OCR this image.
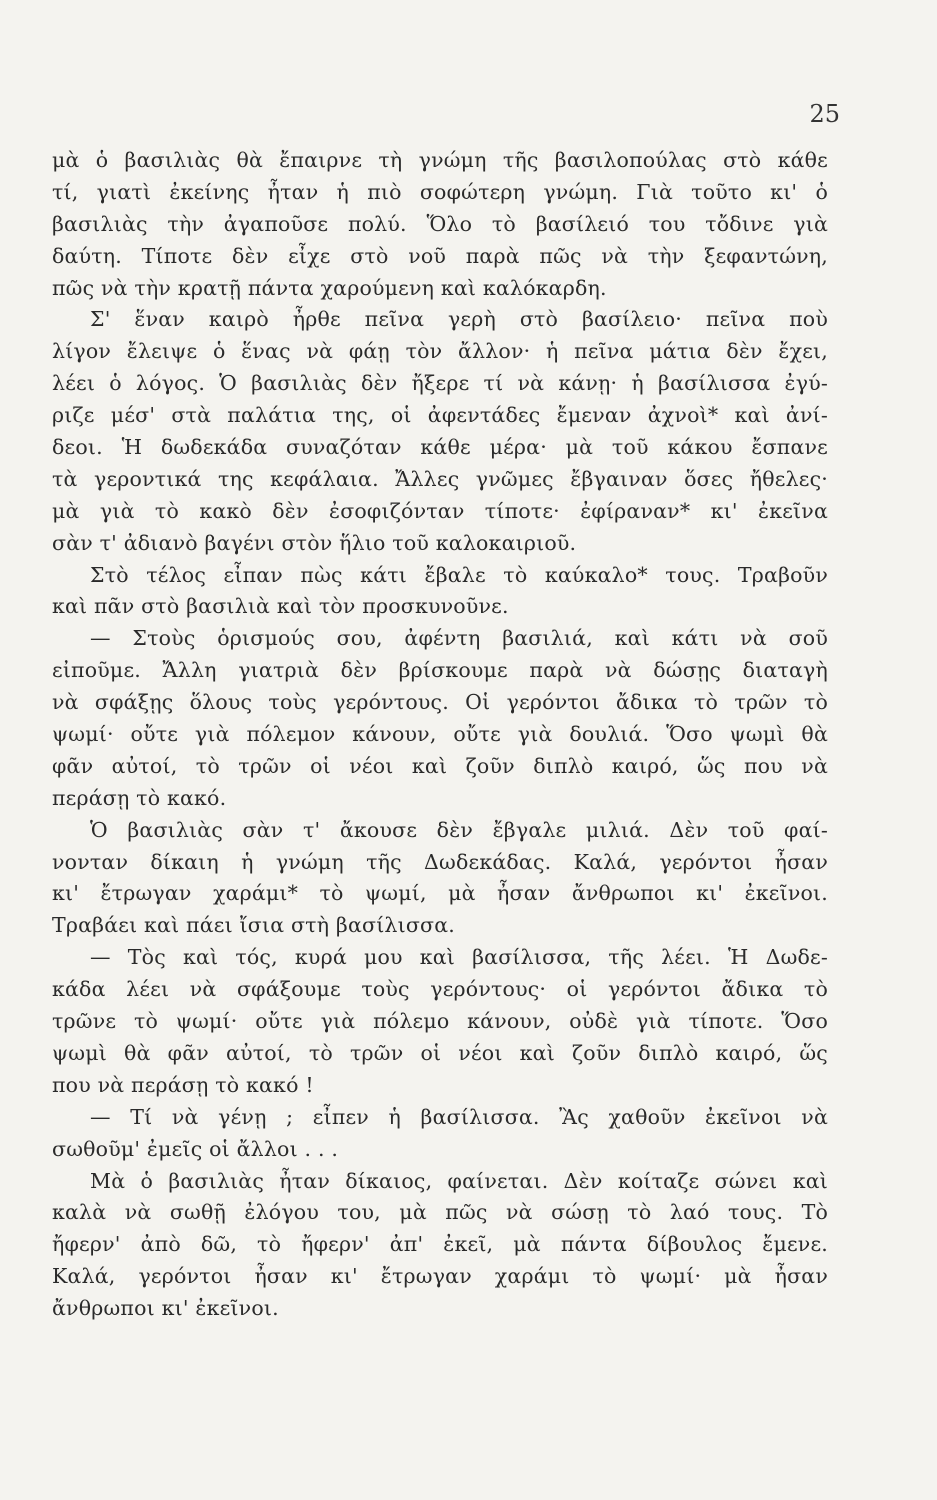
25
μὰ ὁ βασιλιὰς θὰ ἔπαιρνε τὴ γνώμη τῆς βασιλοπούλας στὸ κάθε
τί, γιατὶ ἐκείνης ἦταν ἡ πιὸ σοφώτερη γνώμη. Γιὰ τοῦτο κι' ὁ
βασιλιὰς τὴν ἀγαποῦσε πολύ. Ὅλο τὸ βασίλειό του τὄδινε γιὰ
δαύτη. Τίποτε δὲν εἶχε στὸ νοῦ παρὰ πῶς νὰ τὴν ξεφαντώνη,
πῶς νὰ τὴν κρατῇ πάντα χαρούμενη καὶ καλόκαρδη.
Σ' ἕναν καιρὸ ἦρθε πεῖνα γερὴ στὸ βασίλειο· πεῖνα ποὺ
λίγον ἔλειψε ὁ ἕνας νὰ φάῃ τὸν ἄλλον· ἡ πεῖνα μάτια δὲν ἔχει,
λέει ὁ λόγος. Ὁ βασιλιὰς δὲν ἤξερε τί νὰ κάνῃ· ἡ βασίλισσα ἐγύ-
ριζε μέσ' στὰ παλάτια της, οἱ ἀφεντάδες ἔμεναν ἀχνοὶ* καὶ ἀνί-
δεοι. Ἡ δωδεκάδα συναζόταν κάθε μέρα· μὰ τοῦ κάκου ἔσπανε
τὰ γεροντικά της κεφάλαια. Ἄλλες γνῶμες ἔβγαιναν ὅσες ἤθελες·
μὰ γιὰ τὸ κακὸ δὲν ἐσοφιζόνταν τίποτε· ἐφίραναν* κι' ἐκεῖνα
σὰν τ' ἀδιανὸ βαγένι στὸν ἥλιο τοῦ καλοκαιριοῦ.
Στὸ τέλος εἶπαν πὼς κάτι ἔβαλε τὸ καύκαλο* τους. Τραβοῦν
καὶ πᾶν στὸ βασιλιὰ καὶ τὸν προσκυνοῦνε.
— Στοὺς ὁρισμούς σου, ἀφέντη βασιλιά, καὶ κάτι νὰ σοῦ
εἰποῦμε. Ἄλλη γιατριὰ δὲν βρίσκουμε παρὰ νὰ δώσῃς διαταγὴ
νὰ σφάξῃς ὅλους τοὺς γερόντους. Οἱ γερόντοι ἄδικα τὸ τρῶν τὸ
ψωμί· οὔτε γιὰ πόλεμον κάνουν, οὔτε γιὰ δουλιά. Ὅσο ψωμὶ θὰ
φᾶν αὐτοί, τὸ τρῶν οἱ νέοι καὶ ζοῦν διπλὸ καιρό, ὥς που νὰ
περάσῃ τὸ κακό.
Ὁ βασιλιὰς σὰν τ' ἄκουσε δὲν ἔβγαλε μιλιά. Δὲν τοῦ φαί-
νονταν δίκαιη ἡ γνώμη τῆς Δωδεκάδας. Καλά, γερόντοι ἦσαν
κι' ἔτρωγαν χαράμι* τὸ ψωμί, μὰ ἦσαν ἄνθρωποι κι' ἐκεῖνοι.
Τραβάει καὶ πάει ἴσια στὴ βασίλισσα.
— Τὸς καὶ τός, κυρά μου καὶ βασίλισσα, τῆς λέει. Ἡ Δωδε-
κάδα λέει νὰ σφάξουμε τοὺς γερόντους· οἱ γερόντοι ἄδικα τὸ
τρῶνε τὸ ψωμί· οὔτε γιὰ πόλεμο κάνουν, οὐδὲ γιὰ τίποτε. Ὅσο
ψωμὶ θὰ φᾶν αὐτοί, τὸ τρῶν οἱ νέοι καὶ ζοῦν διπλὸ καιρό, ὥς
που νὰ περάσῃ τὸ κακό !
— Τί νὰ γένῃ ; εἶπεν ἡ βασίλισσα. Ἂς χαθοῦν ἐκεῖνοι νὰ
σωθοῦμ' ἐμεῖς οἱ ἄλλοι . . .
Μὰ ὁ βασιλιὰς ἦταν δίκαιος, φαίνεται. Δὲν κοίταζε σώνει καὶ
καλὰ νὰ σωθῇ ἐλόγου του, μὰ πῶς νὰ σώσῃ τὸ λαό τους. Τὸ
ἤφερν' ἀπὸ δῶ, τὸ ἤφερν' ἀπ' ἐκεῖ, μὰ πάντα δίβουλος ἔμενε.
Καλά, γερόντοι ἦσαν κι' ἔτρωγαν χαράμι τὸ ψωμί· μὰ ἦσαν
ἄνθρωποι κι' ἐκεῖνοι.
